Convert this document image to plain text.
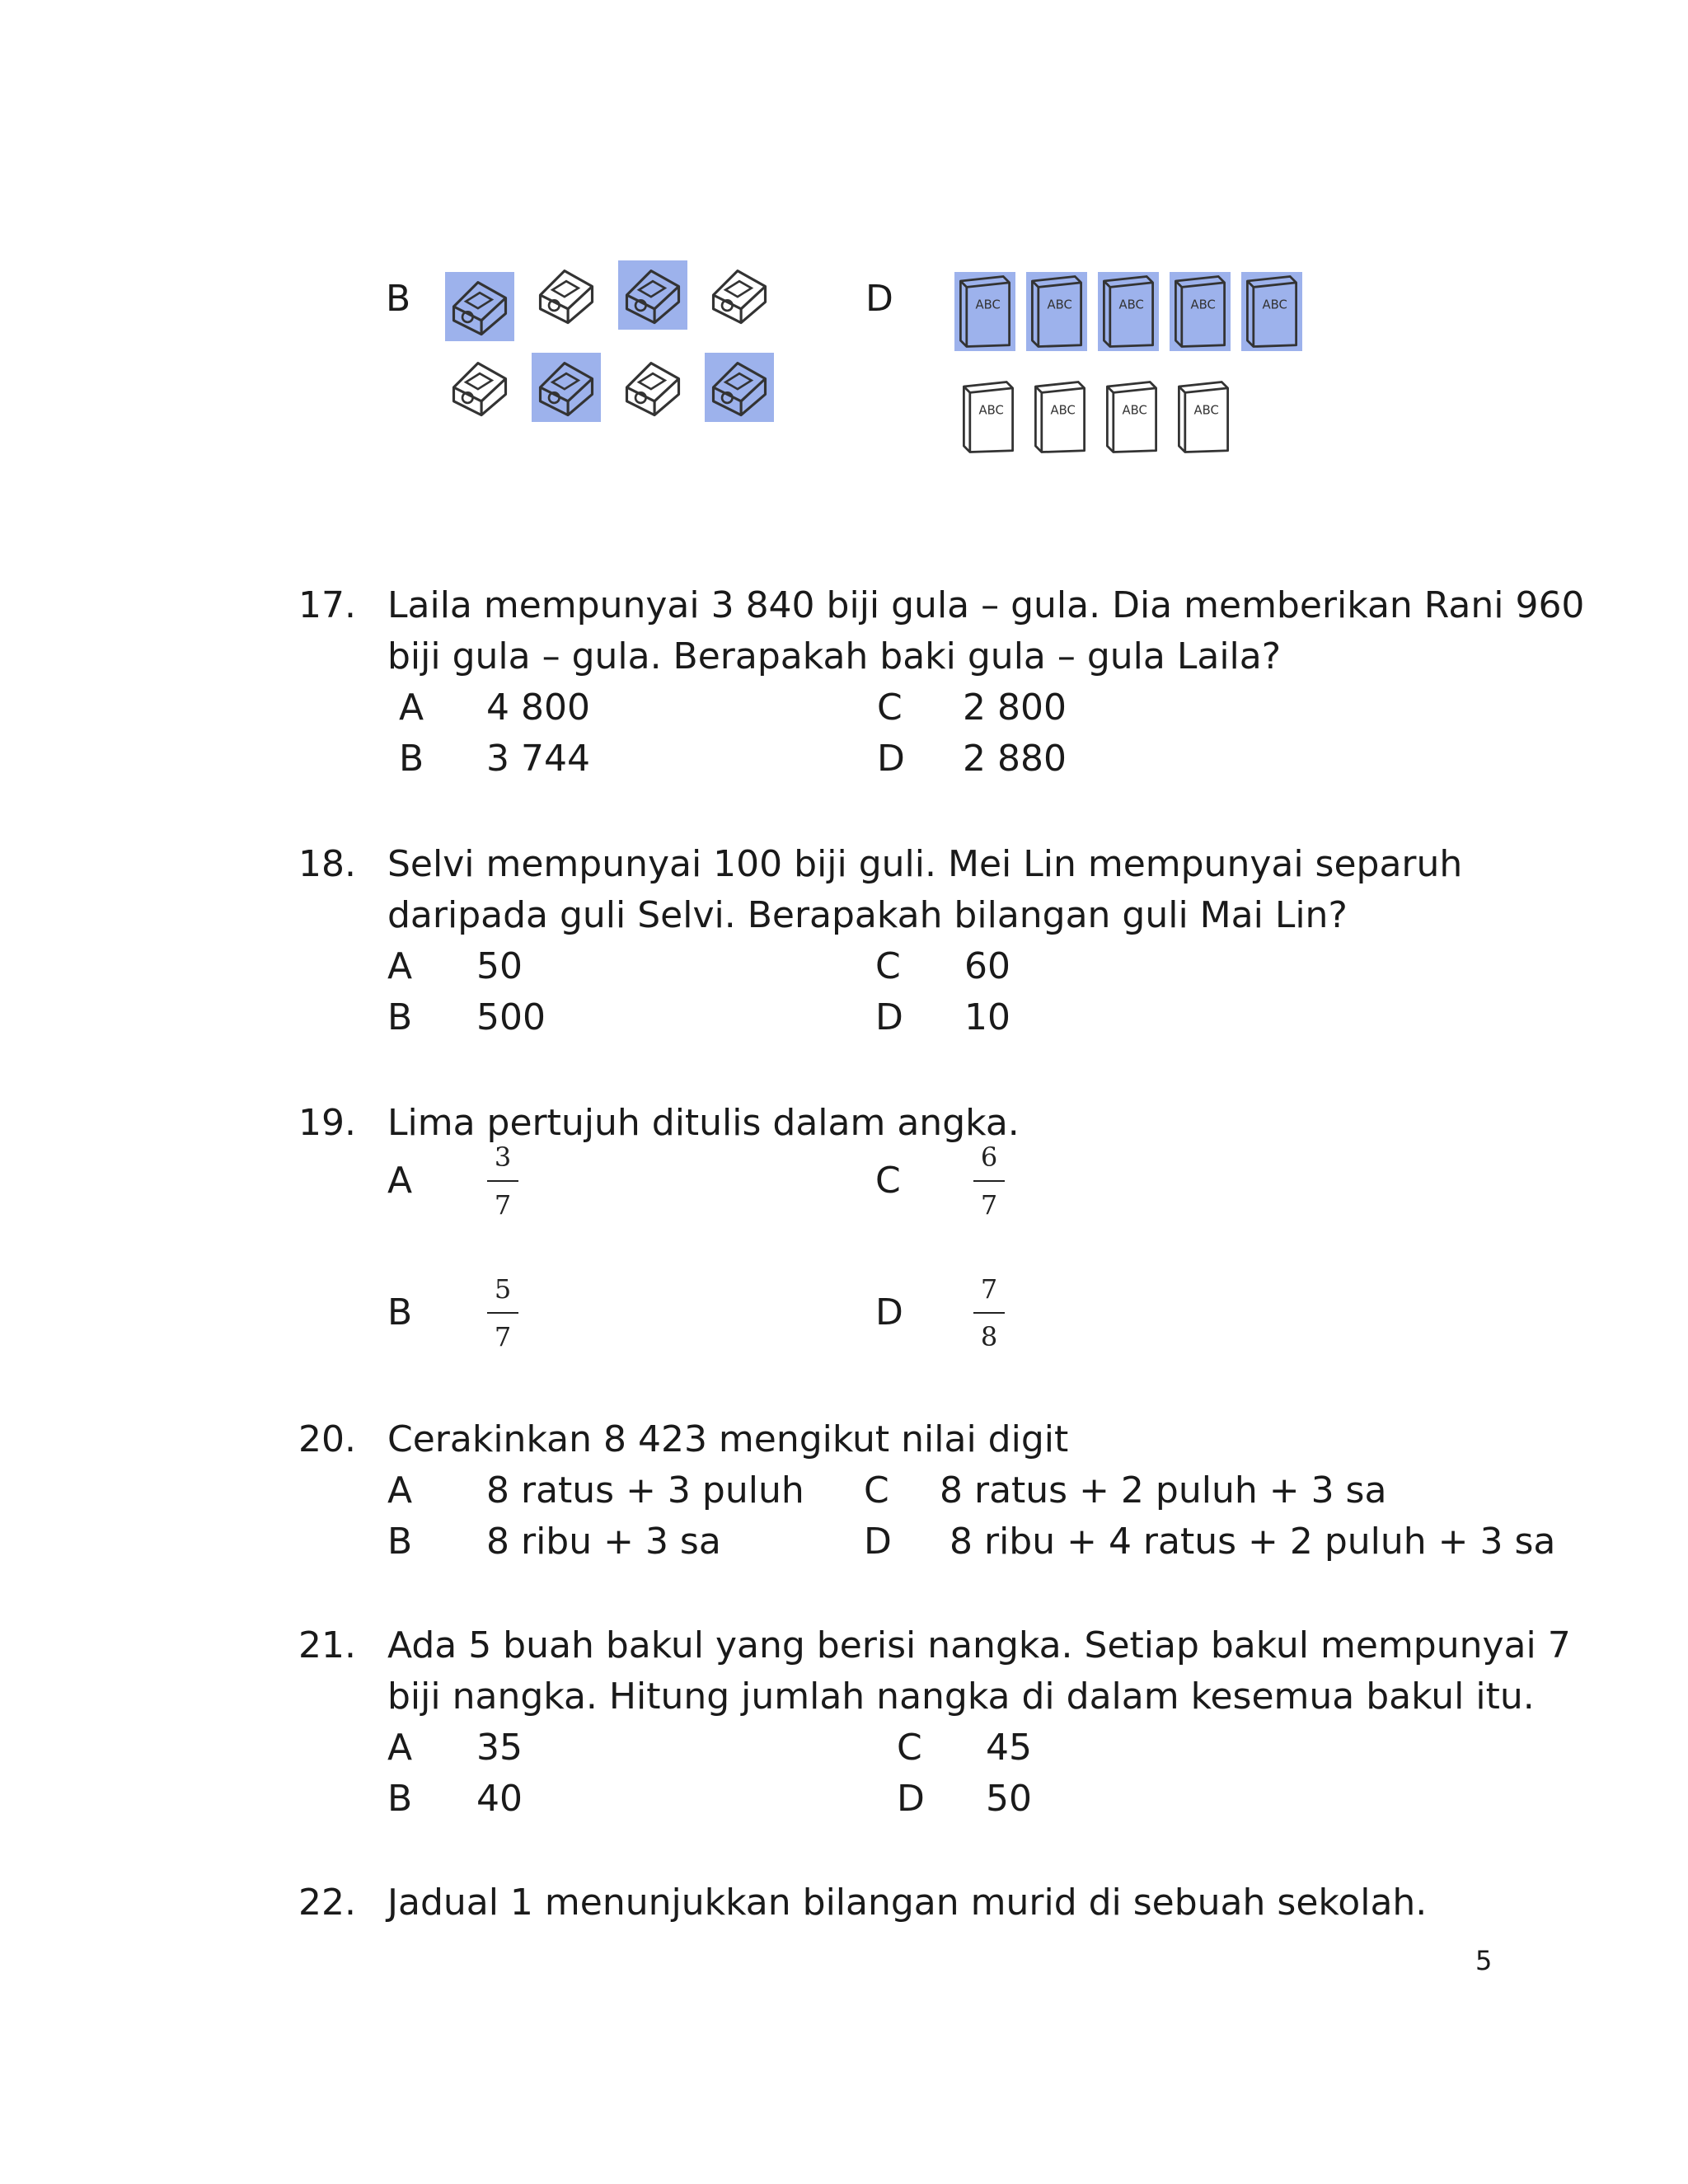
B	D
17. Laila mempunyai 3 840 biji gula – gula. Dia memberikan Rani 960
biji gula – gula. Berapakah baki gula – gula Laila?
A 4 800	C 2 800
B 3 744	D 2 880
18. Selvi mempunyai 100 biji guli. Mei Lin mempunyai separuh
daripada guli Selvi. Berapakah bilangan guli Mai Lin?
A 50	C 60
B 500	D 10
19. Lima pertujuh ditulis dalam angka.
A
3
7
C
6
7
B
5
7
D
7
8
20. Cerakinkan 8 423 mengikut nilai digit
A 8 ratus + 3 puluh C 8 ratus + 2 puluh + 3 sa
B 8 ribu + 3 sa	D 8 ribu + 4 ratus + 2 puluh + 3 sa
21. Ada 5 buah bakul yang berisi nangka. Setiap bakul mempunyai 7
biji nangka. Hitung jumlah nangka di dalam kesemua bakul itu.
A 35	C 45
B 40	D 50
22. Jadual 1 menunjukkan bilangan murid di sebuah sekolah.
5
